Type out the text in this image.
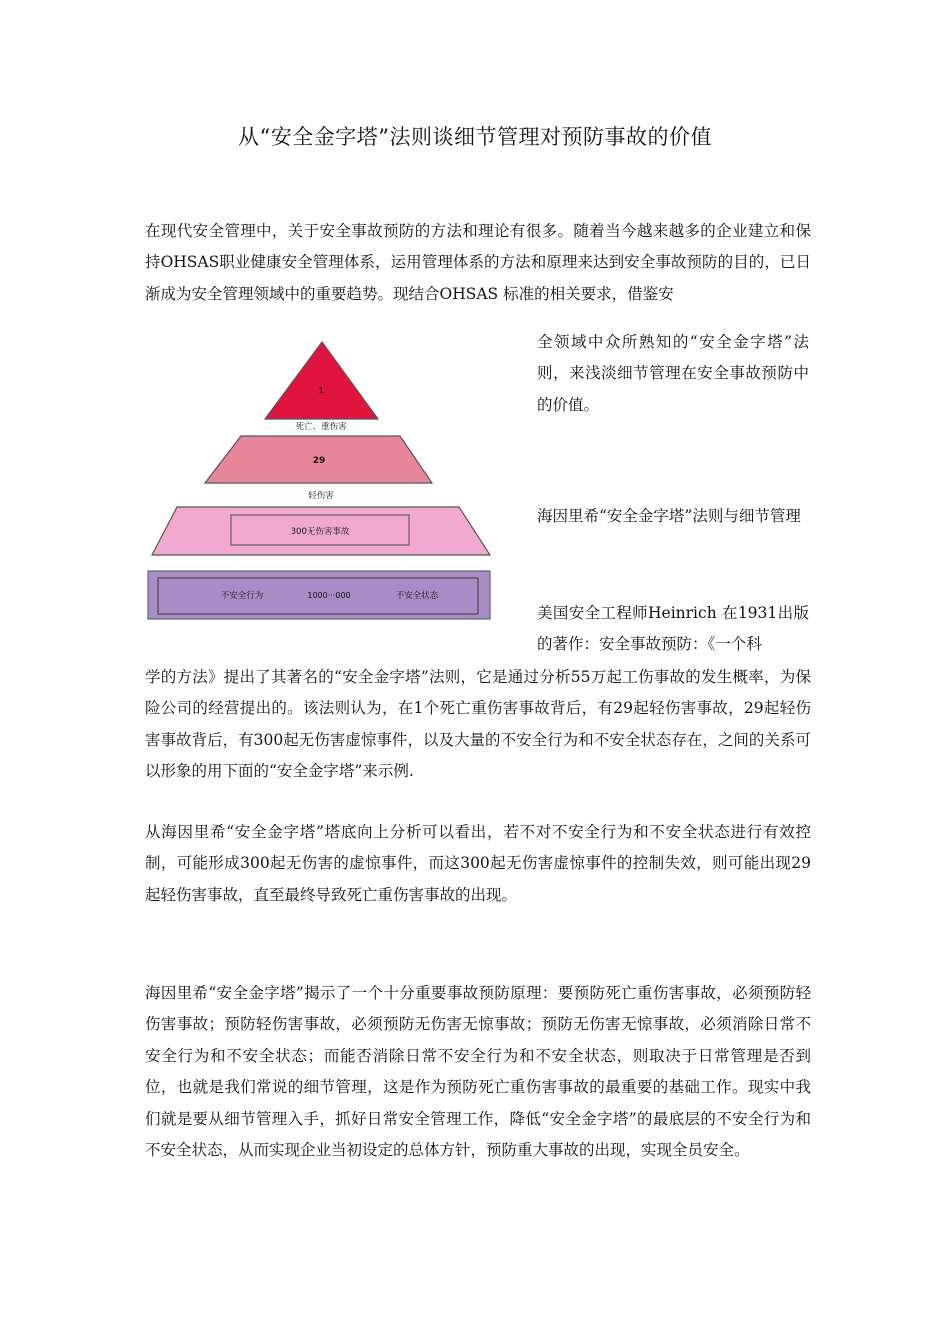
从“安全金字塔”法则谈细节管理对预防事故的价值

在现代安全管理中，关于安全事故预防的方法和理论有很多。随着当今越来越多的企业建立和保持OHSAS职业健康安全管理体系，运用管理体系的方法和原理来达到安全事故预防的目的，已日渐成为安全管理领域中的重要趋势。现结合OHSAS 标准的相关要求，借鉴安

1
死亡、重伤害
29
轻伤害
300无伤害事故
不安全行为	1000···000	不安全状态

全领域中众所熟知的“安全金字塔”法则，来浅淡细节管理在安全事故预防中的价值。

海因里希“安全金字塔”法则与细节管理

美国安全工程师Heinrich 在1931出版的著作：安全事故预防：《一个科

学的方法》提出了其著名的“安全金字塔”法则，它是通过分析55万起工伤事故的发生概率，为保险公司的经营提出的。该法则认为，在1个死亡重伤害事故背后，有29起轻伤害事故，29起轻伤害事故背后，有300起无伤害虚惊事件，以及大量的不安全行为和不安全状态存在，之间的关系可以形象的用下面的“安全金字塔”来示例.

从海因里希“安全金字塔”塔底向上分析可以看出，若不对不安全行为和不安全状态进行有效控制，可能形成300起无伤害的虚惊事件，而这300起无伤害虚惊事件的控制失效，则可能出现29起轻伤害事故，直至最终导致死亡重伤害事故的出现。

海因里希“安全金字塔”揭示了一个十分重要事故预防原理：要预防死亡重伤害事故，必须预防轻伤害事故；预防轻伤害事故，必须预防无伤害无惊事故；预防无伤害无惊事故，必须消除日常不安全行为和不安全状态；而能否消除日常不安全行为和不安全状态，则取决于日常管理是否到位，也就是我们常说的细节管理，这是作为预防死亡重伤害事故的最重要的基础工作。现实中我们就是要从细节管理入手，抓好日常安全管理工作，降低“安全金字塔”的最底层的不安全行为和不安全状态，从而实现企业当初设定的总体方针，预防重大事故的出现，实现全员安全。
